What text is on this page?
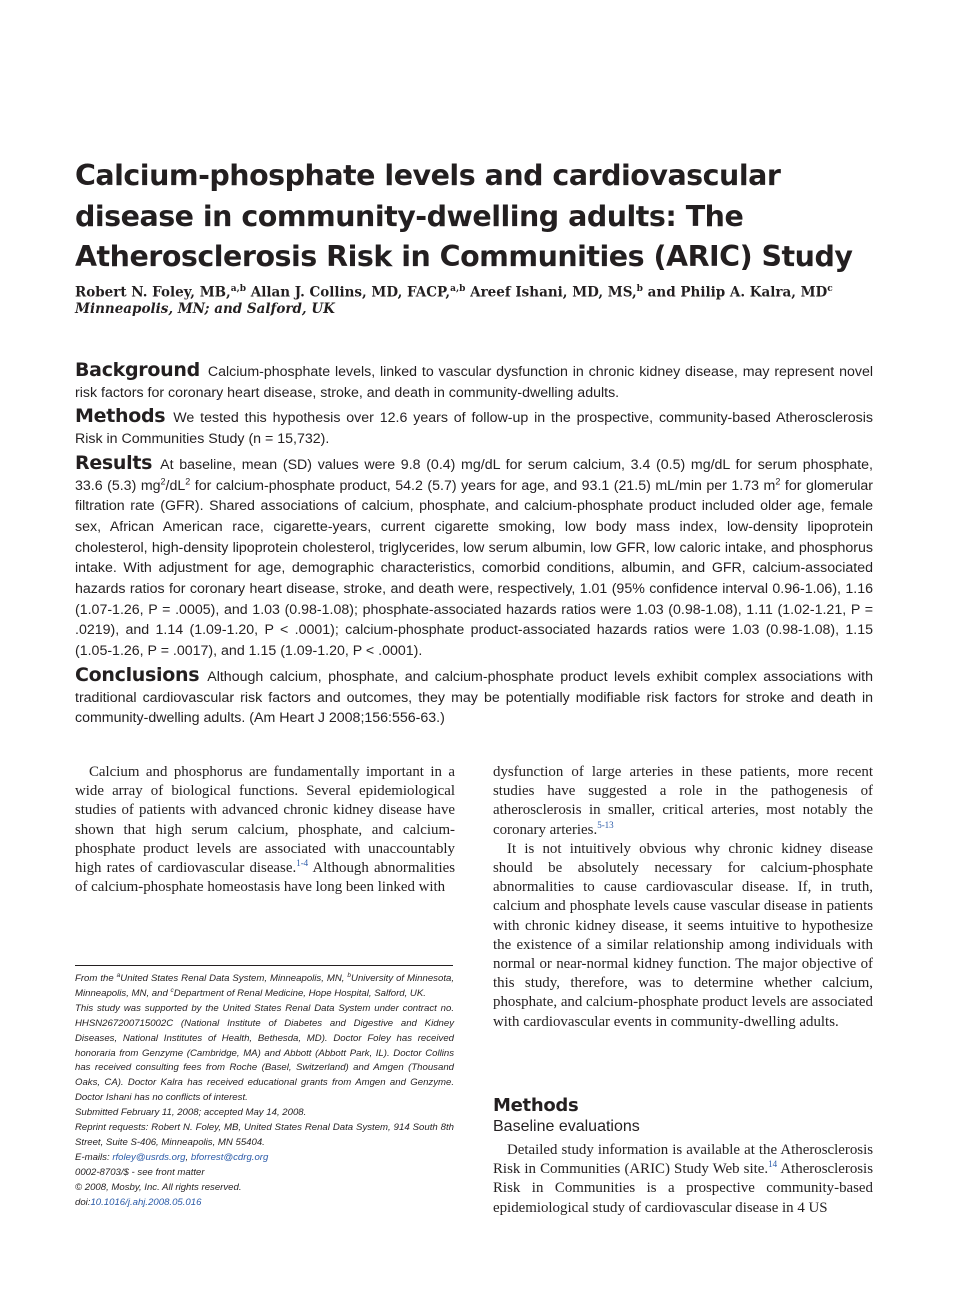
Calcium-phosphate levels and cardiovascular disease in community-dwelling adults: The Atherosclerosis Risk in Communities (ARIC) Study
Robert N. Foley, MB,$^{a,b}$ Allan J. Collins, MD, FACP,$^{a,b}$ Areef Ishani, MD, MS,$^b$ and Philip A. Kalra, $MD^c$
Minneapolis, MN; and Salford, UK

Background Calcium-phosphate levels, linked to vascular dysfunction in chronic kidney disease, may represent novel risk factors for coronary heart disease, stroke, and death in community-dwelling adults.

Methods We tested this hypothesis over 12.6 years of follow-up in the prospective, community-based Atherosclerosis Risk in Communities Study (n = 15,732).

Results At baseline, mean (SD) values were 9.8 (0.4) mg/dL for serum calcium, 3.4 (0.5) mg/dL for serum phosphate, 33.6 (5.3) $mg^2/dL^2$ for calcium-phosphate product, 54.2 (5.7) years for age, and 93.1 (21.5) mL/min per 1.73 $m^2$ for glomerular filtration rate (GFR). Shared associations of calcium, phosphate, and calcium-phosphate product included older age, female sex, African American race, cigarette-years, current cigarette smoking, low body mass index, low-density lipoprotein cholesterol, high-density lipoprotein cholesterol, triglycerides, low serum albumin, low GFR, low caloric intake, and phosphorus intake. With adjustment for age, demographic characteristics, comorbid conditions, albumin, and GFR, calcium-associated hazards ratios for coronary heart disease, stroke, and death were, respectively, 1.01 (95% confidence interval 0.96-1.06), 1.16 (1.07-1.26, P = .0005), and 1.03 (0.98-1.08); phosphate-associated hazards ratios were 1.03 (0.98-1.08), 1.11 (1.02-1.21, P = .0219), and 1.14 (1.09-1.20, P < .0001); calcium-phosphate product-associated hazards ratios were 1.03 (0.98-1.08), 1.15 (1.05-1.26, P = .0017), and 1.15 (1.09-1.20, P < .0001).

Conclusions Although calcium, phosphate, and calcium-phosphate product levels exhibit complex associations with traditional cardiovascular risk factors and outcomes, they may be potentially modifiable risk factors for stroke and death in community-dwelling adults. (Am Heart J 2008;156:556-63.)

Calcium and phosphorus are fundamentally important in a wide array of biological functions. Several epidemiological studies of patients with advanced chronic kidney disease have shown that high serum calcium, phosphate, and calcium-phosphate product levels are associated with unaccountably high rates of cardiovascular disease.$^{1-4}$ Although abnormalities of calcium-phosphate homeostasis have long been linked with

From the $^a$United States Renal Data System, Minneapolis, MN, $^b$University of Minnesota, Minneapolis, MN, and $^c$Department of Renal Medicine, Hope Hospital, Salford, UK.
This study was supported by the United States Renal Data System under contract no. HHSN267200715002C (National Institute of Diabetes and Digestive and Kidney Diseases, National Institutes of Health, Bethesda, MD). Doctor Foley has received honoraria from Genzyme (Cambridge, MA) and Abbott (Abbott Park, IL). Doctor Collins has received consulting fees from Roche (Basel, Switzerland) and Amgen (Thousand Oaks, CA). Doctor Kalra has received educational grants from Amgen and Genzyme. Doctor Ishani has no conflicts of interest.
Submitted February 11, 2008; accepted May 14, 2008.
Reprint requests: Robert N. Foley, MB, United States Renal Data System, 914 South 8th Street, Suite S-406, Minneapolis, MN 55404.
E-mails: rfoley@usrds.org, bforrest@cdrg.org
0002-8703/$ - see front matter
© 2008, Mosby, Inc. All rights reserved.
doi:10.1016/j.ahj.2008.05.016

dysfunction of large arteries in these patients, more recent studies have suggested a role in the pathogenesis of atherosclerosis in smaller, critical arteries, most notably the coronary arteries.$^{5-13}$

It is not intuitively obvious why chronic kidney disease should be absolutely necessary for calcium-phosphate abnormalities to cause cardiovascular disease. If, in truth, calcium and phosphate levels cause vascular disease in patients with chronic kidney disease, it seems intuitive to hypothesize the existence of a similar relationship among individuals with normal or near-normal kidney function. The major objective of this study, therefore, was to determine whether calcium, phosphate, and calcium-phosphate product levels are associated with cardiovascular events in community-dwelling adults.

Methods
Baseline evaluations

Detailed study information is available at the Atherosclerosis Risk in Communities (ARIC) Study Web site.$^{14}$ Atherosclerosis Risk in Communities is a prospective community-based epidemiological study of cardiovascular disease in 4 US
